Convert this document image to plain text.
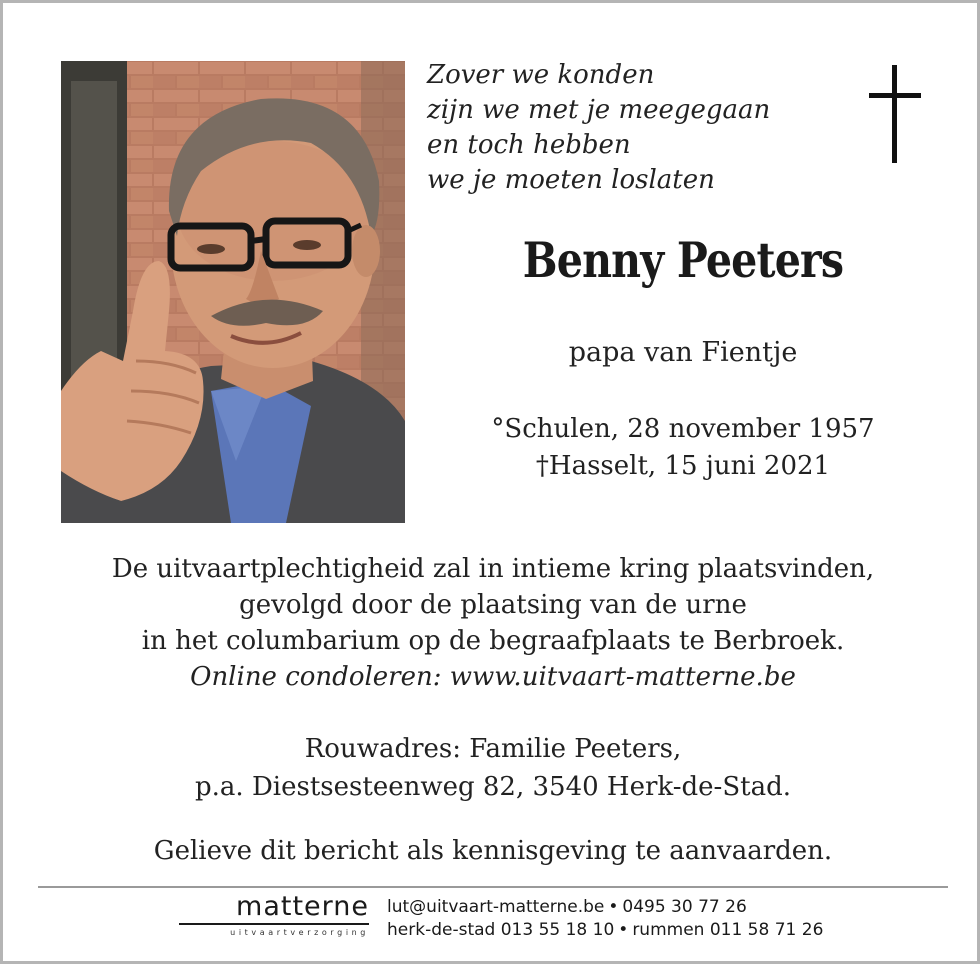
Zover we konden
zijn we met je meegegaan
en toch hebben
we je moeten loslaten
Benny Peeters
papa van Fientje
°Schulen, 28 november 1957
†Hasselt, 15 juni 2021
De uitvaartplechtigheid zal in intieme kring plaatsvinden,
gevolgd door de plaatsing van de urne
in het columbarium op de begraafplaats te Berbroek.
Online condoleren: www.uitvaart-matterne.be
Rouwadres: Familie Peeters,
p.a. Diestsesteenweg 82, 3540 Herk-de-Stad.
Gelieve dit bericht als kennisgeving te aanvaarden.
matterne
uitvaartverzorging
lut@uitvaart-matterne.be • 0495 30 77 26
herk-de-stad 013 55 18 10 • rummen 011 58 71 26
